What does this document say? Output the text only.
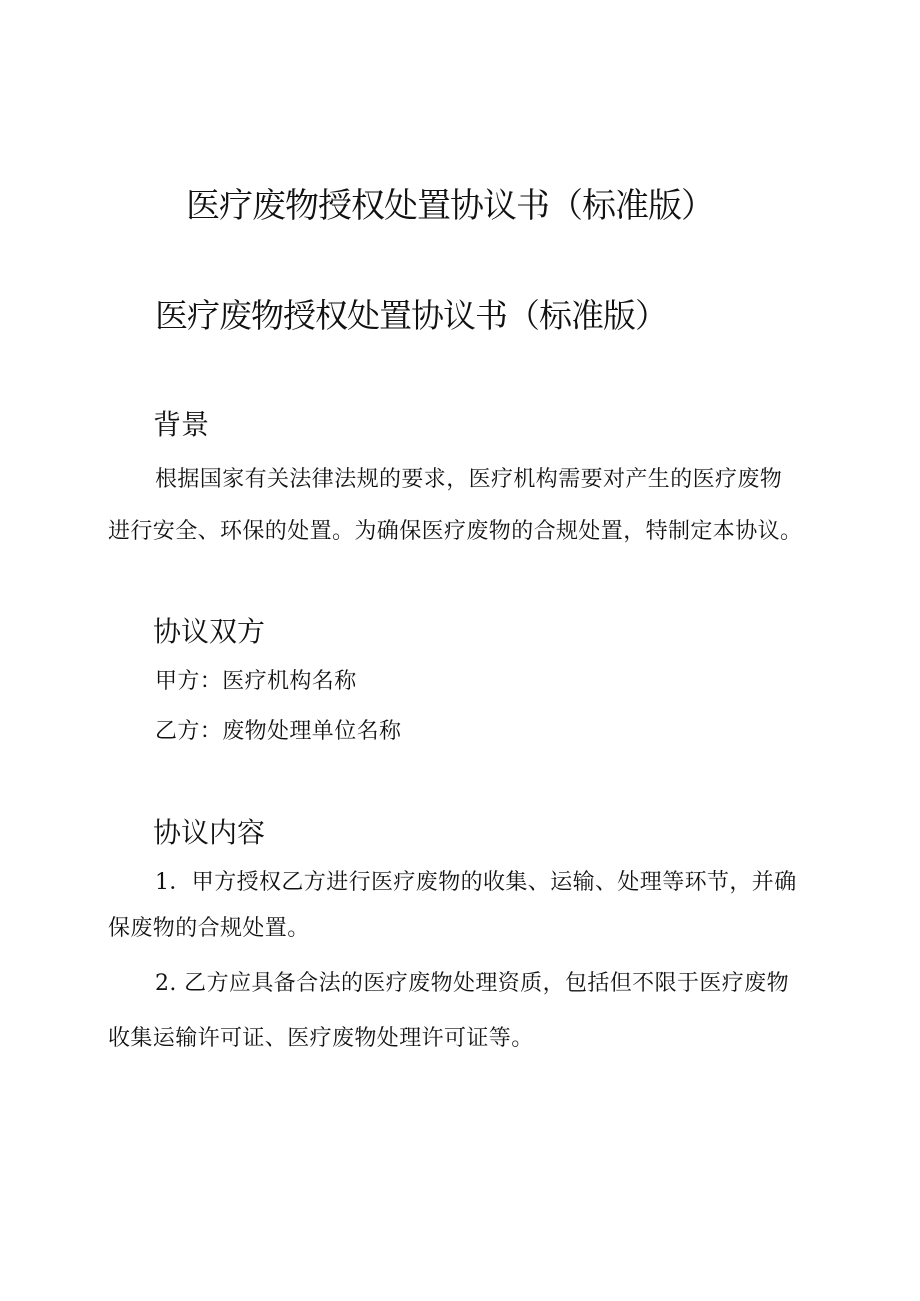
医疗废物授权处置协议书（标准版）
医疗废物授权处置协议书（标准版）
背景

根据国家有关法律法规的要求，医疗机构需要对产生的医疗废物

进行安全、环保的处置。为确保医疗废物的合规处置，特制定本协议。

协议双方

甲方：医疗机构名称

乙方：废物处理单位名称

协议内容

1．甲方授权乙方进行医疗废物的收集、运输、处理等环节，并确

保废物的合规处置。

2. 乙方应具备合法的医疗废物处理资质，包括但不限于医疗废物

收集运输许可证、医疗废物处理许可证等。
